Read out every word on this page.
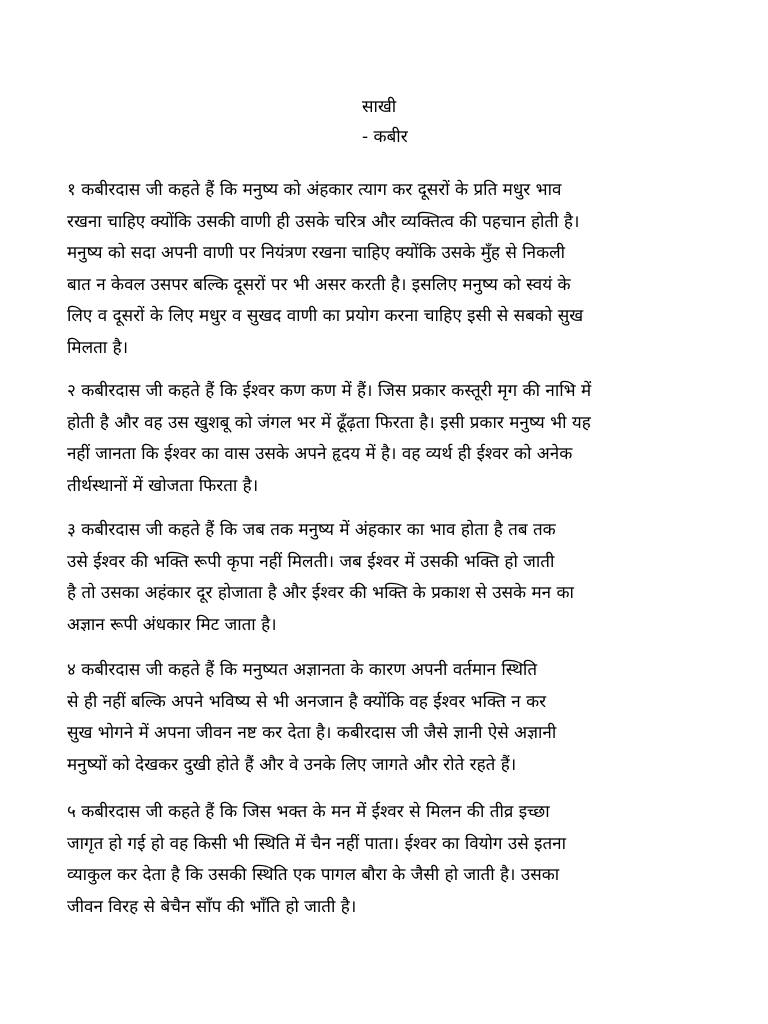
साखी
- कबीर
१ कबीरदास जी कहते हैं कि मनुष्य को अंहकार त्याग कर दूसरों के प्रति मधुर भाव
रखना चाहिए क्योंकि उसकी वाणी ही उसके चरित्र और व्यक्तित्व की पहचान होती है।
मनुष्य को सदा अपनी वाणी पर नियंत्रण रखना चाहिए क्योंकि उसके मुँह से निकली
बात न केवल उसपर बल्कि दूसरों पर भी असर करती है। इसलिए मनुष्य को स्वयं के
लिए व दूसरों के लिए मधुर व सुखद वाणी का प्रयोग करना चाहिए इसी से सबको सुख
मिलता है।
२ कबीरदास जी कहते हैं कि ईश्वर कण कण में हैं। जिस प्रकार कस्तूरी मृग की नाभि में
होती है और वह उस खुशबू को जंगल भर में ढूँढ़ता फिरता है। इसी प्रकार मनुष्य भी यह
नहीं जानता कि ईश्वर का वास उसके अपने हृदय में है। वह व्यर्थ ही ईश्वर को अनेक
तीर्थस्थानों में खोजता फिरता है।
३ कबीरदास जी कहते हैं कि जब तक मनुष्य में अंहकार का भाव होता है तब तक
उसे ईश्वर की भक्ति रूपी कृपा नहीं मिलती। जब ईश्वर में उसकी भक्ति हो जाती
है तो उसका अहंकार दूर होजाता है और ईश्वर की भक्ति के प्रकाश से उसके मन का
अज्ञान रूपी अंधकार मिट जाता है।
४ कबीरदास जी कहते हैं कि मनुष्यत अज्ञानता के कारण अपनी वर्तमान स्थिति
से ही नहीं बल्कि अपने भविष्य से भी अनजान है क्योंकि वह ईश्वर भक्ति न कर
सुख भोगने में अपना जीवन नष्ट कर देता है। कबीरदास जी जैसे ज्ञानी ऐसे अज्ञानी
मनुष्यों को देखकर दुखी होते हैं और वे उनके लिए जागते और रोते रहते हैं।
५ कबीरदास जी कहते हैं कि जिस भक्त के मन में ईश्वर से मिलन की तीव्र इच्छा
जागृत हो गई हो वह किसी भी स्थिति में चैन नहीं पाता। ईश्वर का वियोग उसे इतना
व्याकुल कर देता है कि उसकी स्थिति एक पागल बौरा के जैसी हो जाती है। उसका
जीवन विरह से बेचैन साँप की भाँति हो जाती है।
